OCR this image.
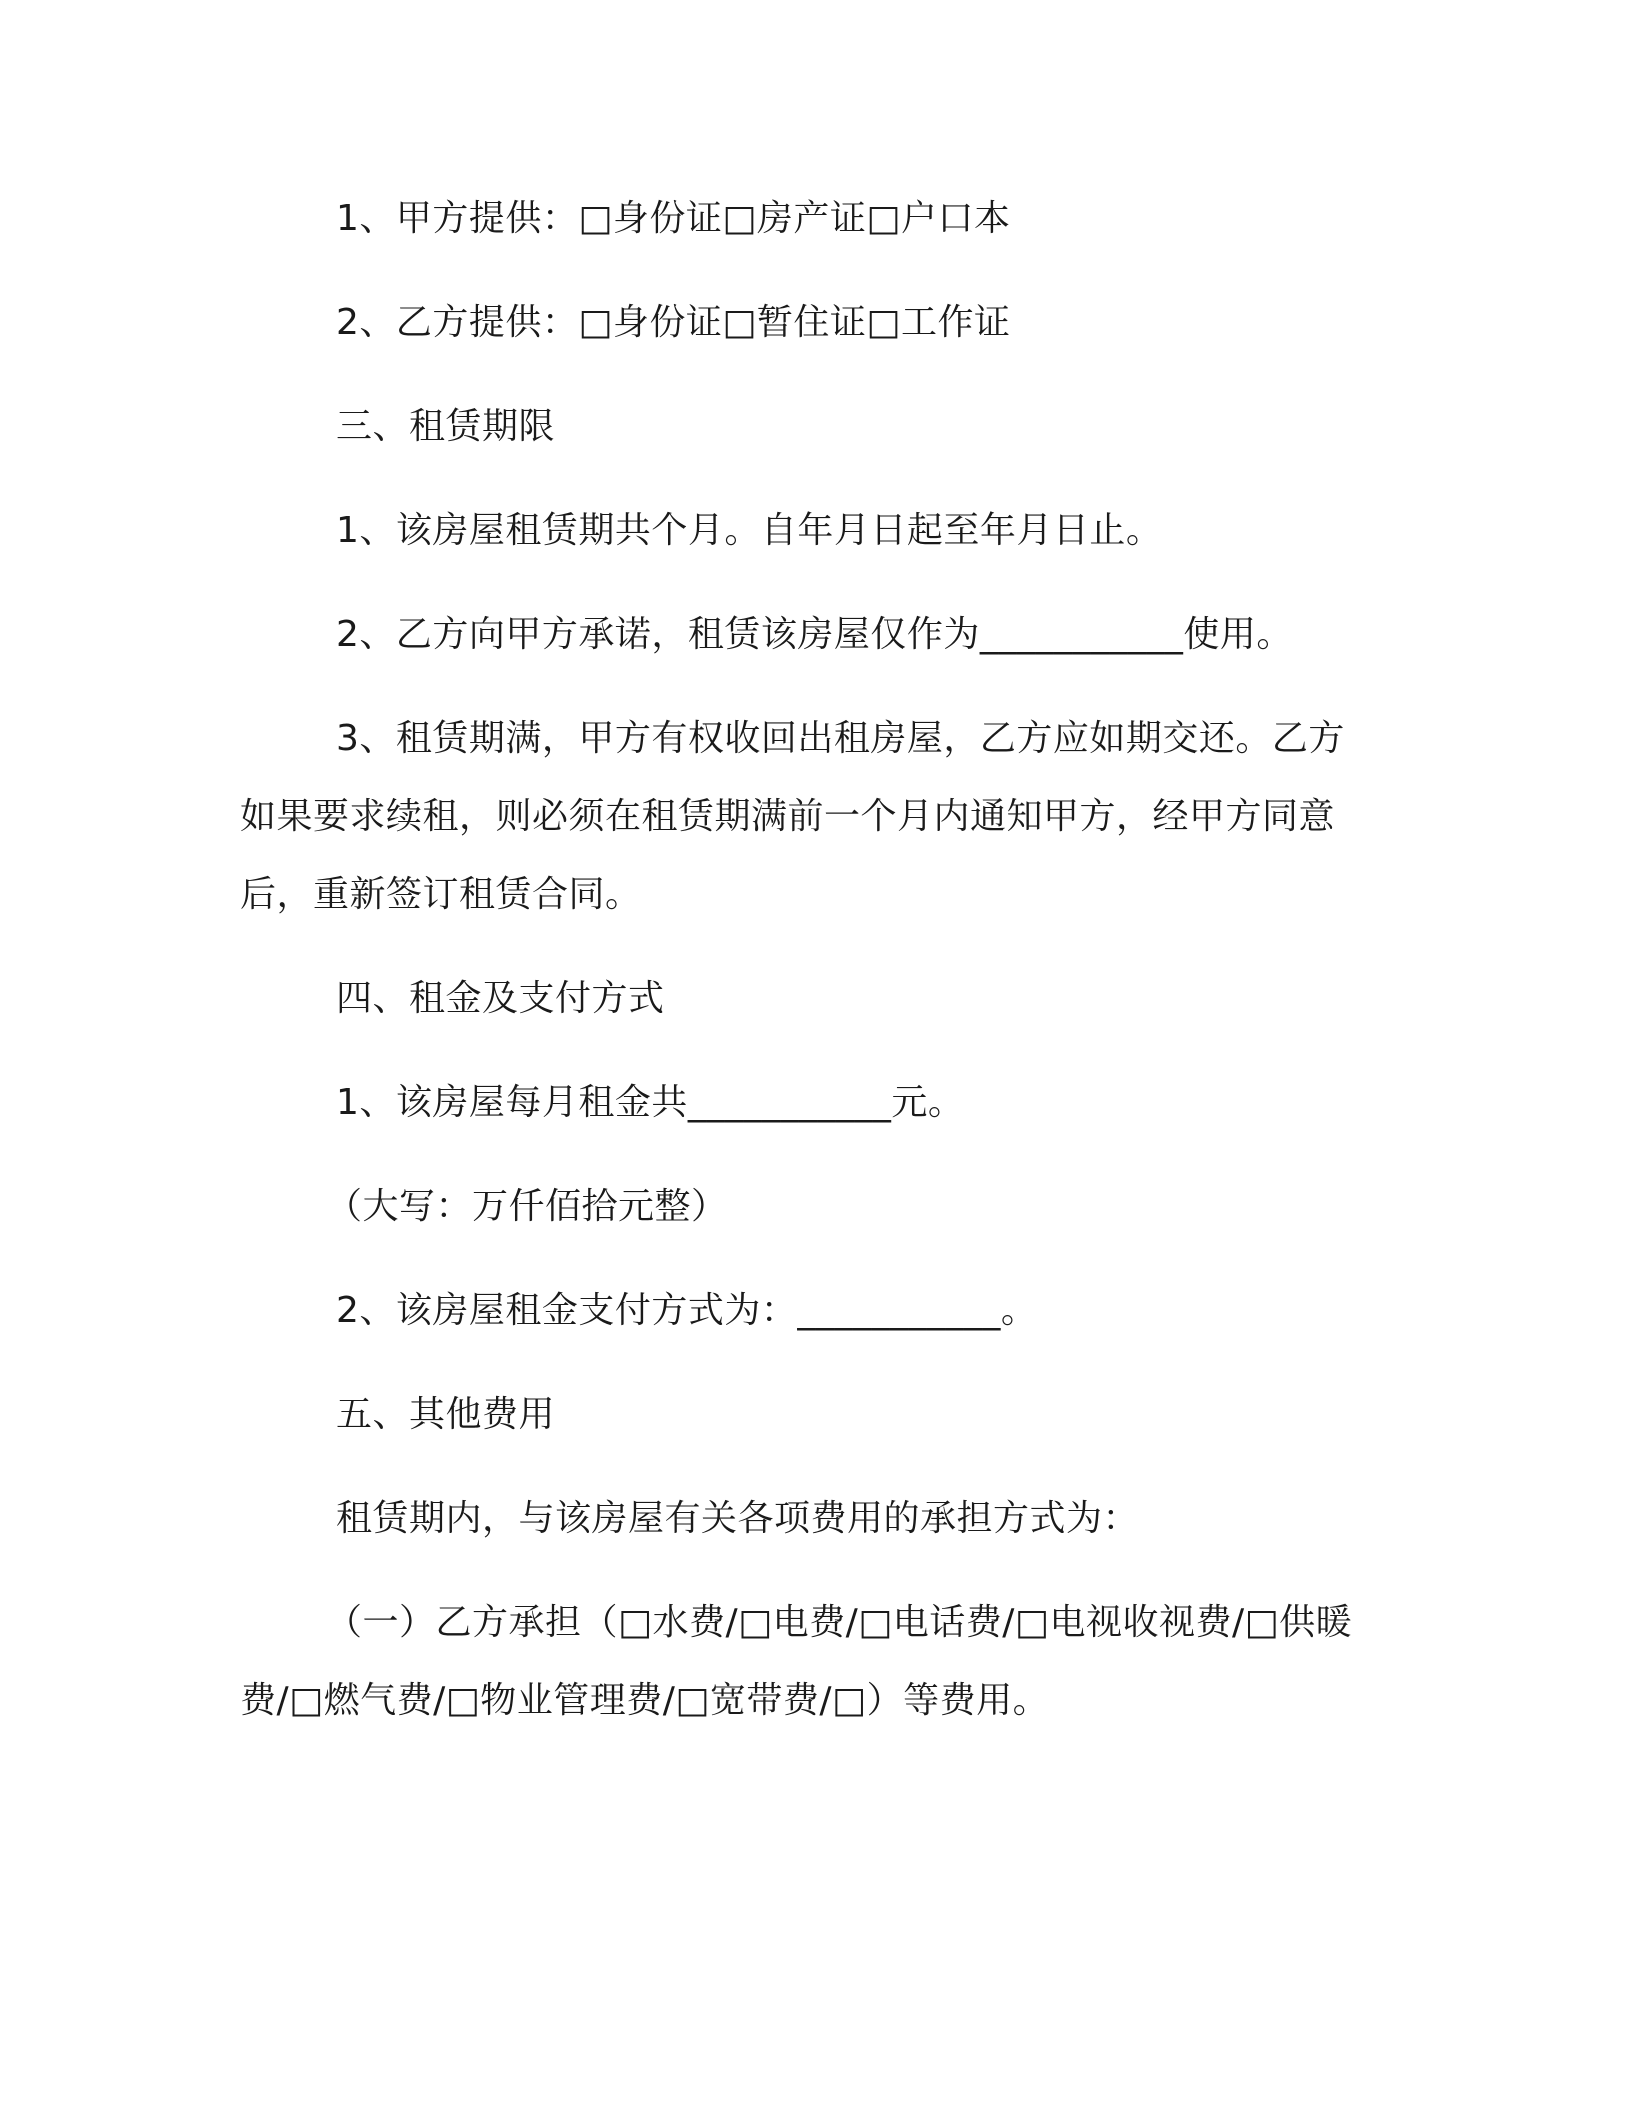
1、甲方提供：□身份证□房产证□户口本

2、乙方提供：□身份证□暂住证□工作证

三、租赁期限

1、该房屋租赁期共个月。自年月日起至年月日止。

2、乙方向甲方承诺，租赁该房屋仅作为___________使用。

3、租赁期满，甲方有权收回出租房屋，乙方应如期交还。乙方如果要求续租，则必须在租赁期满前一个月内通知甲方，经甲方同意后，重新签订租赁合同。

四、租金及支付方式

1、该房屋每月租金共___________元。

（大写：万仟佰拾元整）

2、该房屋租金支付方式为：___________。

五、其他费用

租赁期内，与该房屋有关各项费用的承担方式为：

（一）乙方承担（□水费/□电费/□电话费/□电视收视费/□供暖费/□燃气费/□物业管理费/□宽带费/□）等费用。
